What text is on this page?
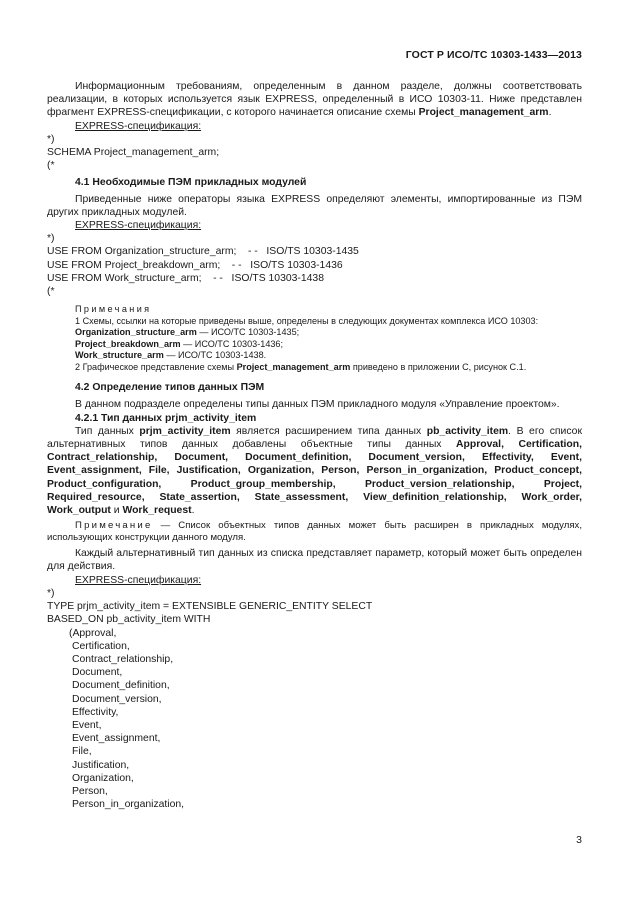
ГОСТ Р ИСО/ТС 10303-1433—2013

Информационным требованиям, определенным в данном разделе, должны соответствовать реализации, в которых используется язык EXPRESS, определенный в ИСО 10303-11. Ниже представлен фрагмент EXPRESS-спецификации, с которого начинается описание схемы Project_management_arm.

EXPRESS-спецификация:

*)

SCHEMA Project_management_arm;

(*

4.1 Необходимые ПЭМ прикладных модулей

Приведенные ниже операторы языка EXPRESS определяют элементы, импортированные из ПЭМ других прикладных модулей.

EXPRESS-спецификация:

*)

USE FROM Organization_structure_arm;    - -   ISO/TS 10303-1435

USE FROM Project_breakdown_arm;    - -   ISO/TS 10303-1436

USE FROM Work_structure_arm;    - -   ISO/TS 10303-1438

(*

Примечания

1 Схемы, ссылки на которые приведены выше, определены в следующих документах комплекса ИСО 10303:

Organization_structure_arm — ИСО/ТС 10303-1435;

Project_breakdown_arm — ИСО/ТС 10303-1436;

Work_structure_arm — ИСО/ТС 10303-1438.

2 Графическое представление схемы Project_management_arm приведено в приложении С, рисунок С.1.

4.2 Определение типов данных ПЭМ

В данном подразделе определены типы данных ПЭМ прикладного модуля «Управление проектом».

4.2.1 Тип данных prjm_activity_item

Тип данных prjm_activity_item является расширением типа данных pb_activity_item. В его список альтернативных типов данных добавлены объектные типы данных Approval, Certification, Contract_relationship, Document, Document_definition, Document_version, Effectivity, Event, Event_assignment, File, Justification, Organization, Person, Person_in_organization, Product_concept, Product_configuration, Product_group_membership, Product_version_relationship, Project, Required_resource, State_assertion, State_assessment, View_definition_relationship, Work_order, Work_output и Work_request.

Примечание — Список объектных типов данных может быть расширен в прикладных модулях, использующих конструкции данного модуля.

Каждый альтернативный тип данных из списка представляет параметр, который может быть определен для действия.

EXPRESS-спецификация:

*)

TYPE prjm_activity_item = EXTENSIBLE GENERIC_ENTITY SELECT

BASED_ON pb_activity_item WITH

(Approval,

Certification,

Contract_relationship,

Document,

Document_definition,

Document_version,

Effectivity,

Event,

Event_assignment,

File,

Justification,

Organization,

Person,

Person_in_organization,

3
